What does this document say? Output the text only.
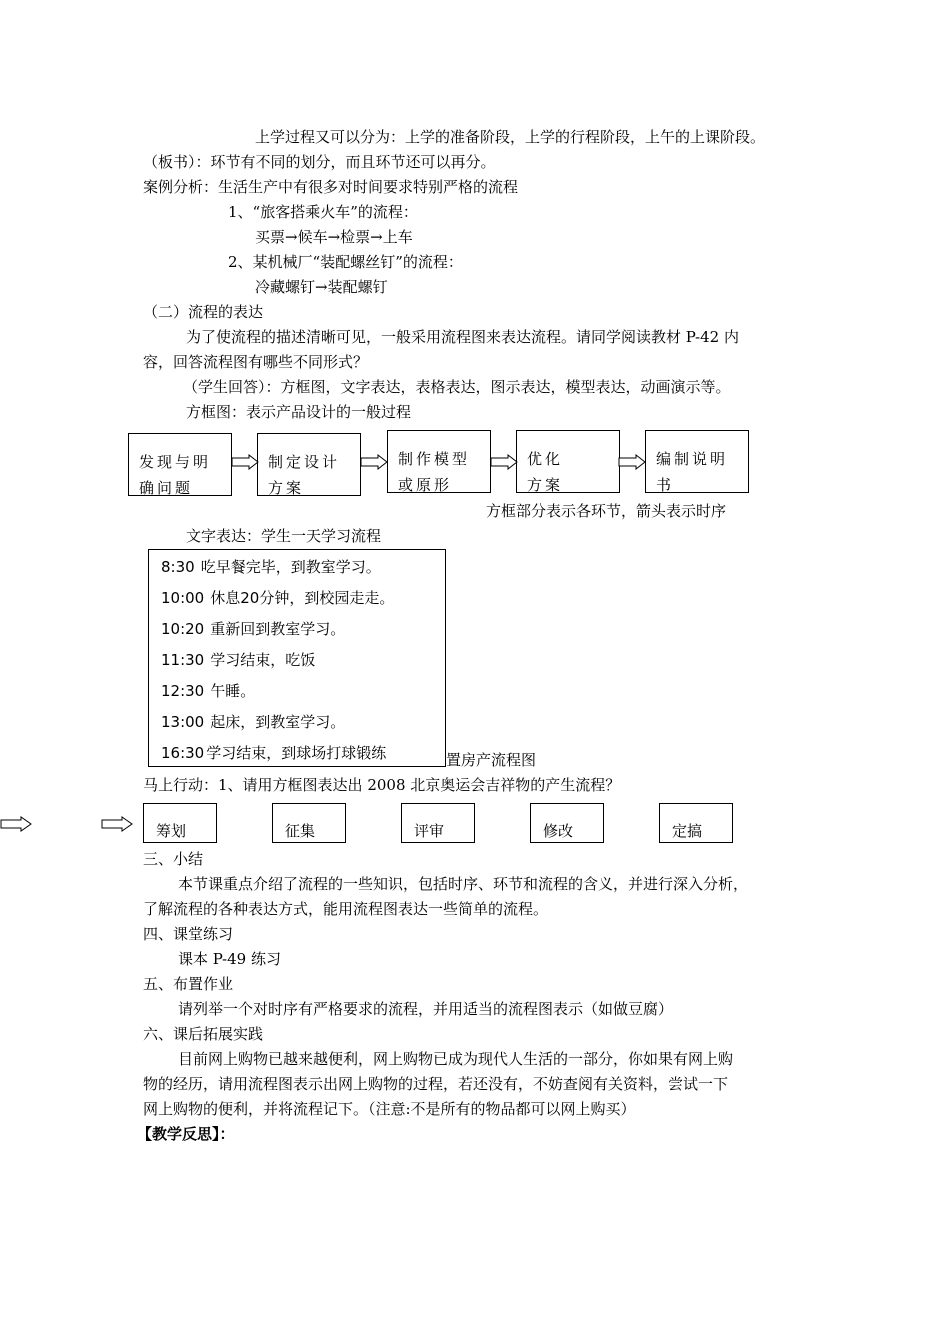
上学过程又可以分为：上学的准备阶段，上学的行程阶段，上午的上课阶段。
（板书）：环节有不同的划分，而且环节还可以再分。
案例分析：生活生产中有很多对时间要求特别严格的流程
1、“旅客搭乘火车”的流程：
买票→候车→检票→上车
2、某机械厂“装配螺丝钉”的流程：
冷藏螺钉→装配螺钉
（二）流程的表达
为了使流程的描述清晰可见，一般采用流程图来表达流程。请同学阅读教材 P-42 内
容，回答流程图有哪些不同形式？
（学生回答）：方框图，文字表达，表格表达，图示表达，模型表达，动画演示等。
方框图：表示产品设计的一般过程
发现与明
确问题
制定设计
方案
制作模型
或原形
优化
方案
编制说明
书
方框部分表示各环节，箭头表示时序
文字表达：学生一天学习流程
8:30 吃早餐完毕，到教室学习。
10:00 休息20分钟，到校园走走。
10:20 重新回到教室学习。
11:30 学习结束，吃饭
12:30 午睡。
13:00 起床，到教室学习。
16:30 学习结束，到球场打球锻练	置房产流程图
马上行动：1、请用方框图表达出 2008 北京奥运会吉祥物的产生流程？
筹划	征集	评审	修改	定搞
三、小结
本节课重点介绍了流程的一些知识，包括时序、环节和流程的含义，并进行深入分析，
了解流程的各种表达方式，能用流程图表达一些简单的流程。
四、课堂练习
课本 P-49 练习
五、布置作业
请列举一个对时序有严格要求的流程，并用适当的流程图表示（如做豆腐）
六、课后拓展实践
目前网上购物已越来越便利，网上购物已成为现代人生活的一部分，你如果有网上购
物的经历，请用流程图表示出网上购物的过程，若还没有，不妨查阅有关资料，尝试一下
网上购物的便利，并将流程记下。（注意:不是所有的物品都可以网上购买）
【教学反思】：
